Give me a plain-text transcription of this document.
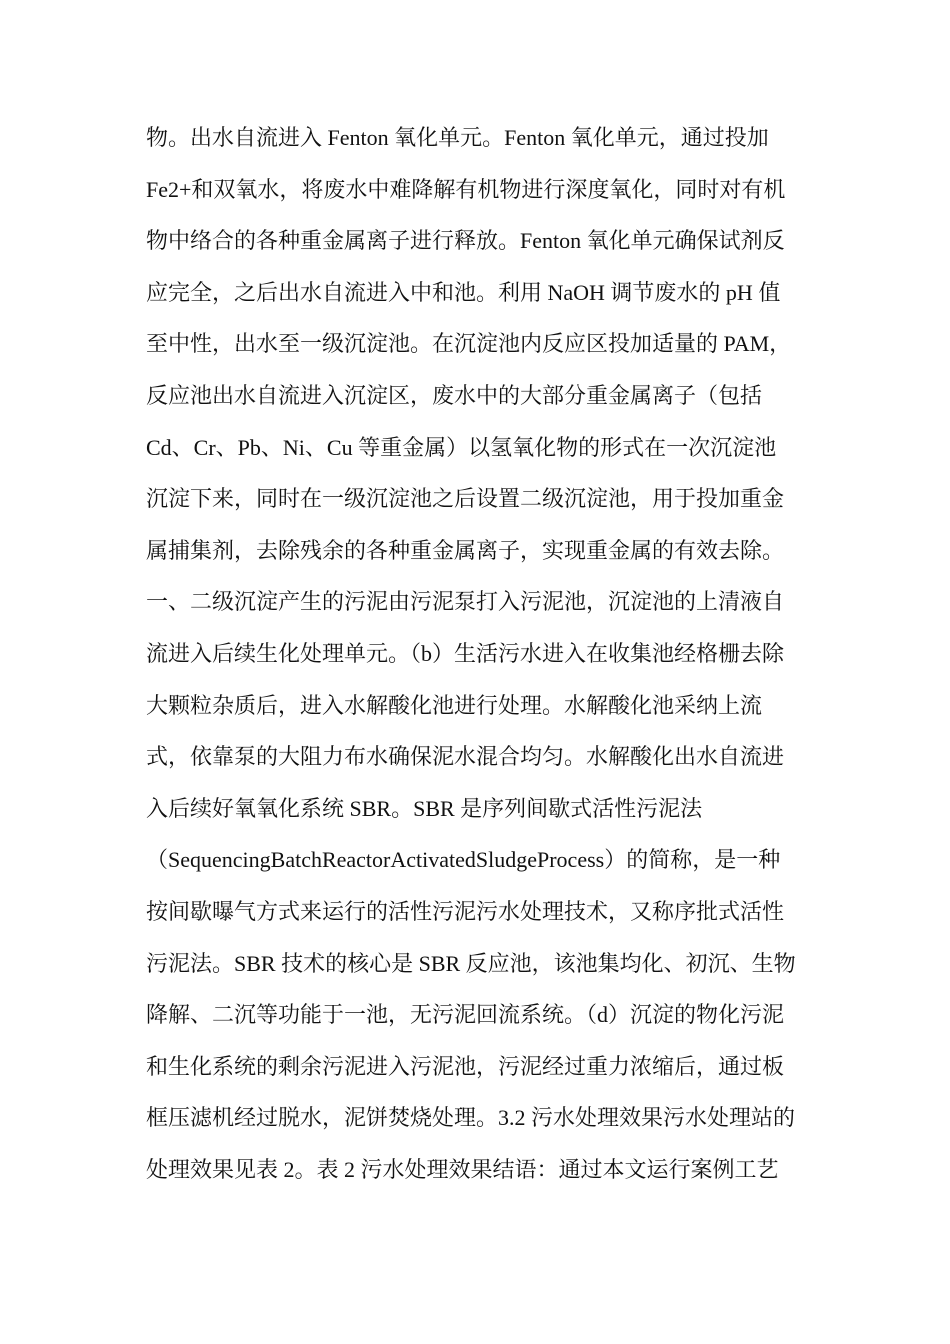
物。出水自流进入 Fenton 氧化单元。Fenton 氧化单元，通过投加
Fe2+和双氧水，将废水中难降解有机物进行深度氧化，同时对有机
物中络合的各种重金属离子进行释放。Fenton 氧化单元确保试剂反
应完全，之后出水自流进入中和池。利用 NaOH 调节废水的 pH 值
至中性，出水至一级沉淀池。在沉淀池内反应区投加适量的 PAM，
反应池出水自流进入沉淀区，废水中的大部分重金属离子（包括
Cd、Cr、Pb、Ni、Cu 等重金属）以氢氧化物的形式在一次沉淀池
沉淀下来，同时在一级沉淀池之后设置二级沉淀池，用于投加重金
属捕集剂，去除残余的各种重金属离子，实现重金属的有效去除。
一、二级沉淀产生的污泥由污泥泵打入污泥池，沉淀池的上清液自
流进入后续生化处理单元。（b）生活污水进入在收集池经格栅去除
大颗粒杂质后，进入水解酸化池进行处理。水解酸化池采纳上流
式，依靠泵的大阻力布水确保泥水混合均匀。水解酸化出水自流进
入后续好氧氧化系统 SBR。SBR 是序列间歇式活性污泥法
（SequencingBatchReactorActivatedSludgeProcess）的简称，是一种
按间歇曝气方式来运行的活性污泥污水处理技术，又称序批式活性
污泥法。SBR 技术的核心是 SBR 反应池，该池集均化、初沉、生物
降解、二沉等功能于一池，无污泥回流系统。（d）沉淀的物化污泥
和生化系统的剩余污泥进入污泥池，污泥经过重力浓缩后，通过板
框压滤机经过脱水，泥饼焚烧处理。3.2 污水处理效果污水处理站的
处理效果见表 2。表 2 污水处理效果结语：通过本文运行案例工艺
